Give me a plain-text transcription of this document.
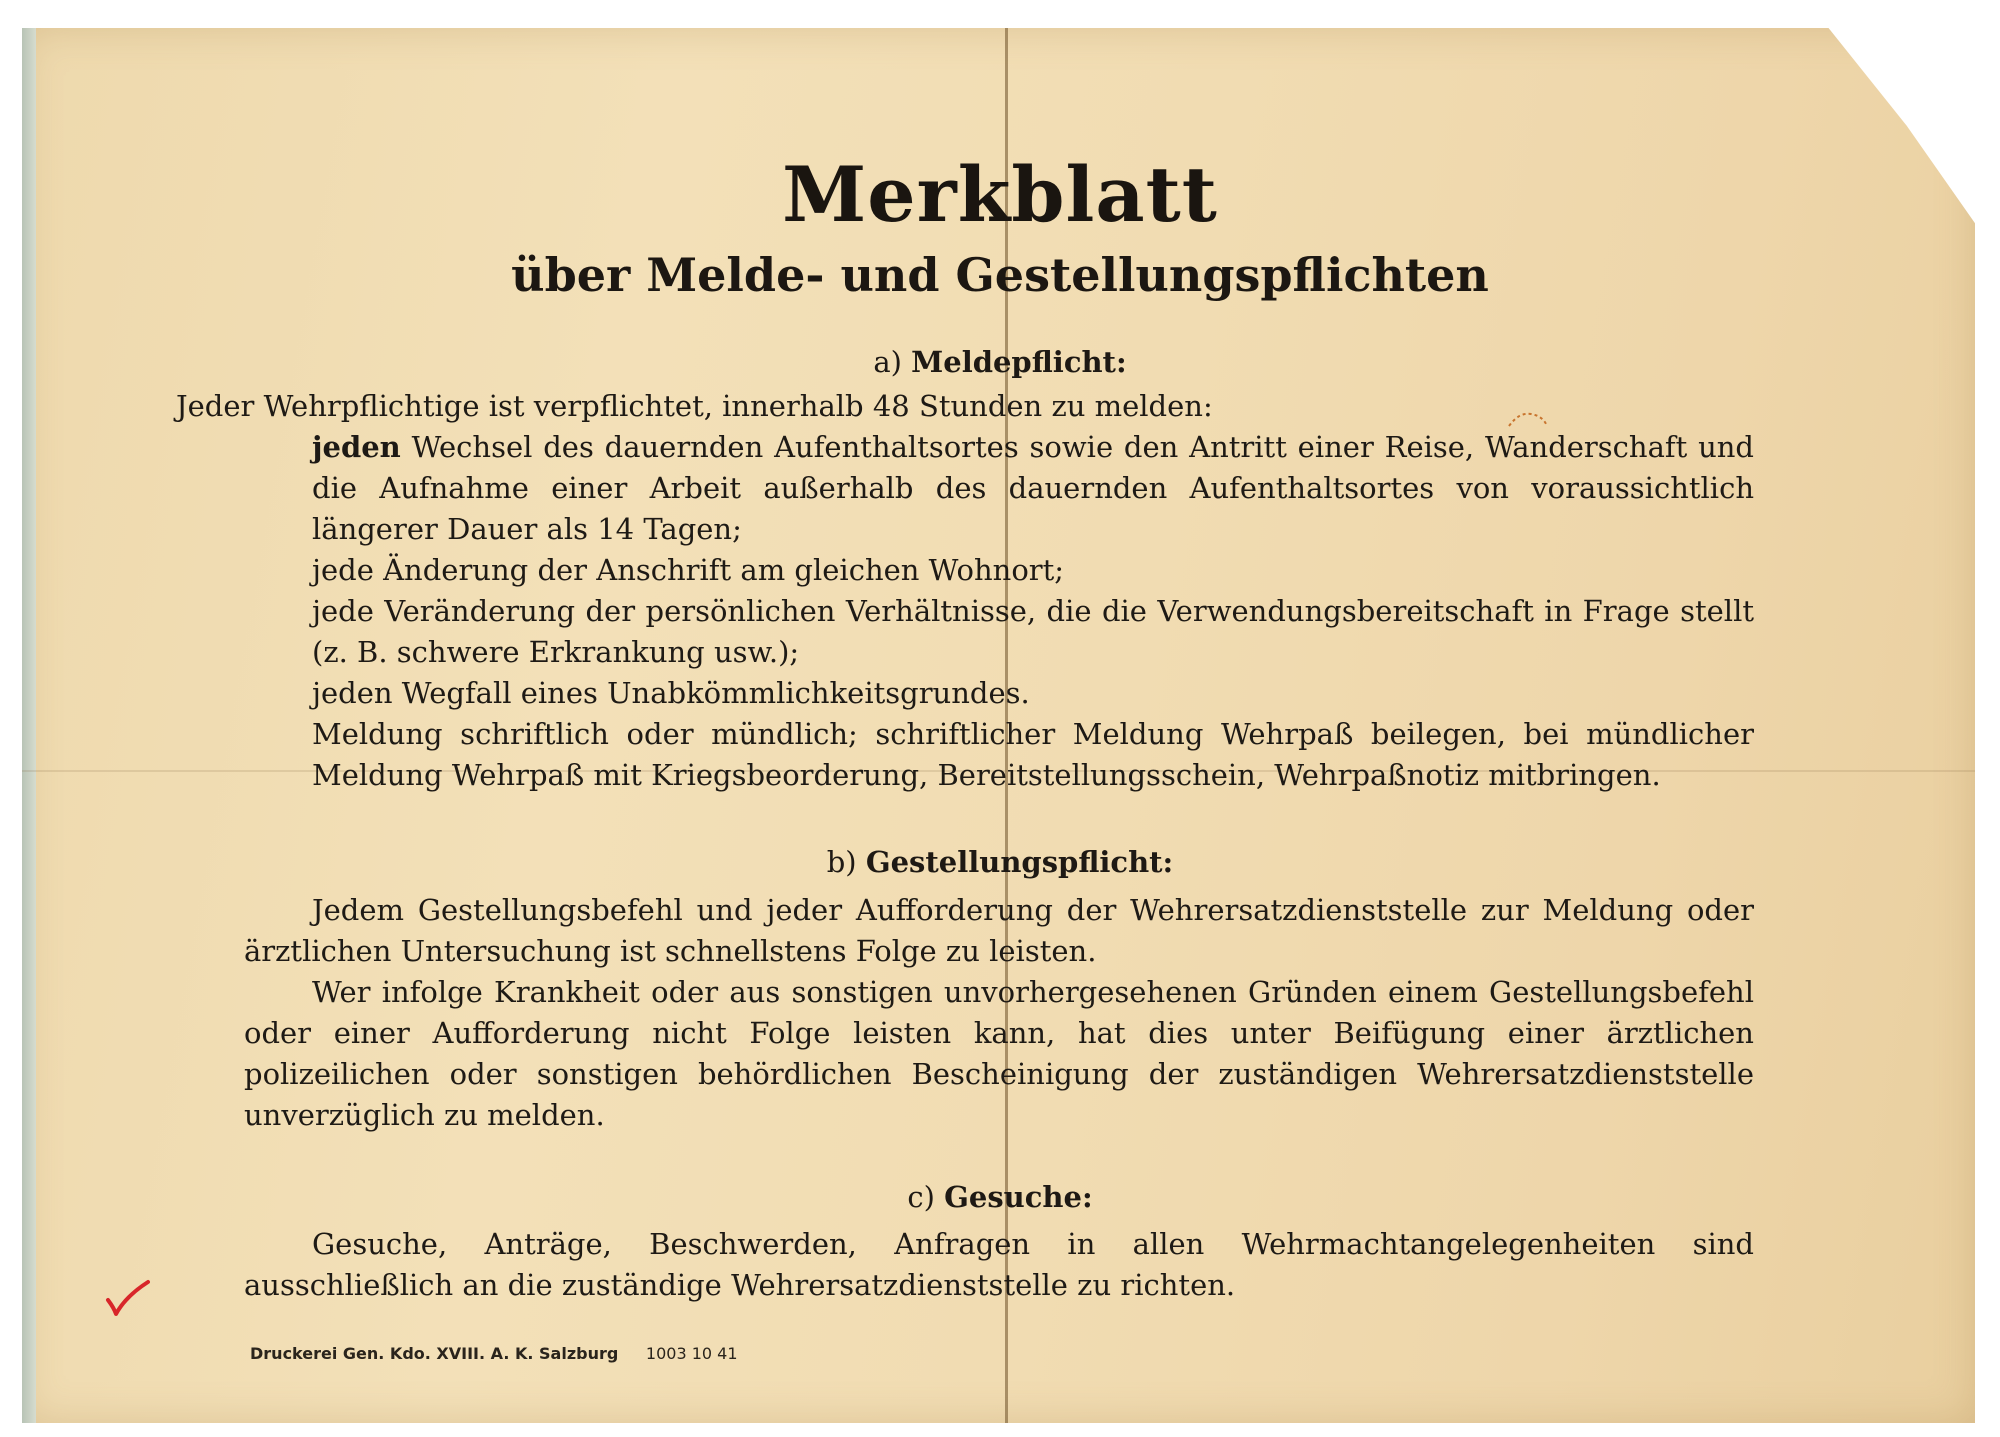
Merkblatt
über Melde- und Gestellungspflichten
a) Meldepflicht:
Jeder Wehrpflichtige ist verpflichtet, innerhalb 48 Stunden zu melden:
jeden Wechsel des dauernden Aufenthaltsortes sowie den Antritt einer Reise, Wanderschaft und die Aufnahme einer Arbeit außerhalb des dauernden Aufenthaltsortes von voraussichtlich längerer Dauer als 14 Tagen;
jede Änderung der Anschrift am gleichen Wohnort;
jede Veränderung der persönlichen Verhältnisse, die die Verwendungsbereitschaft in Frage stellt (z. B. schwere Erkrankung usw.);
jeden Wegfall eines Unabkömmlichkeitsgrundes.
Meldung schriftlich oder mündlich; schriftlicher Meldung Wehrpaß beilegen, bei mündlicher Meldung Wehrpaß mit Kriegsbeorderung, Bereitstellungsschein, Wehrpaßnotiz mitbringen.
b) Gestellungspflicht:
Jedem Gestellungsbefehl und jeder Aufforderung der Wehrersatzdienststelle zur Meldung oder ärztlichen Untersuchung ist schnellstens Folge zu leisten.
Wer infolge Krankheit oder aus sonstigen unvorhergesehenen Gründen einem Gestellungsbefehl oder einer Aufforderung nicht Folge leisten kann, hat dies unter Beifügung einer ärztlichen polizeilichen oder sonstigen behördlichen Bescheinigung der zuständigen Wehrersatzdienststelle unverzüglich zu melden.
c) Gesuche:
Gesuche, Anträge, Beschwerden, Anfragen in allen Wehrmachtangelegenheiten sind ausschließlich an die zuständige Wehrersatzdienststelle zu richten.
Druckerei Gen. Kdo. XVIII. A. K. Salzburg 1003 10 41
